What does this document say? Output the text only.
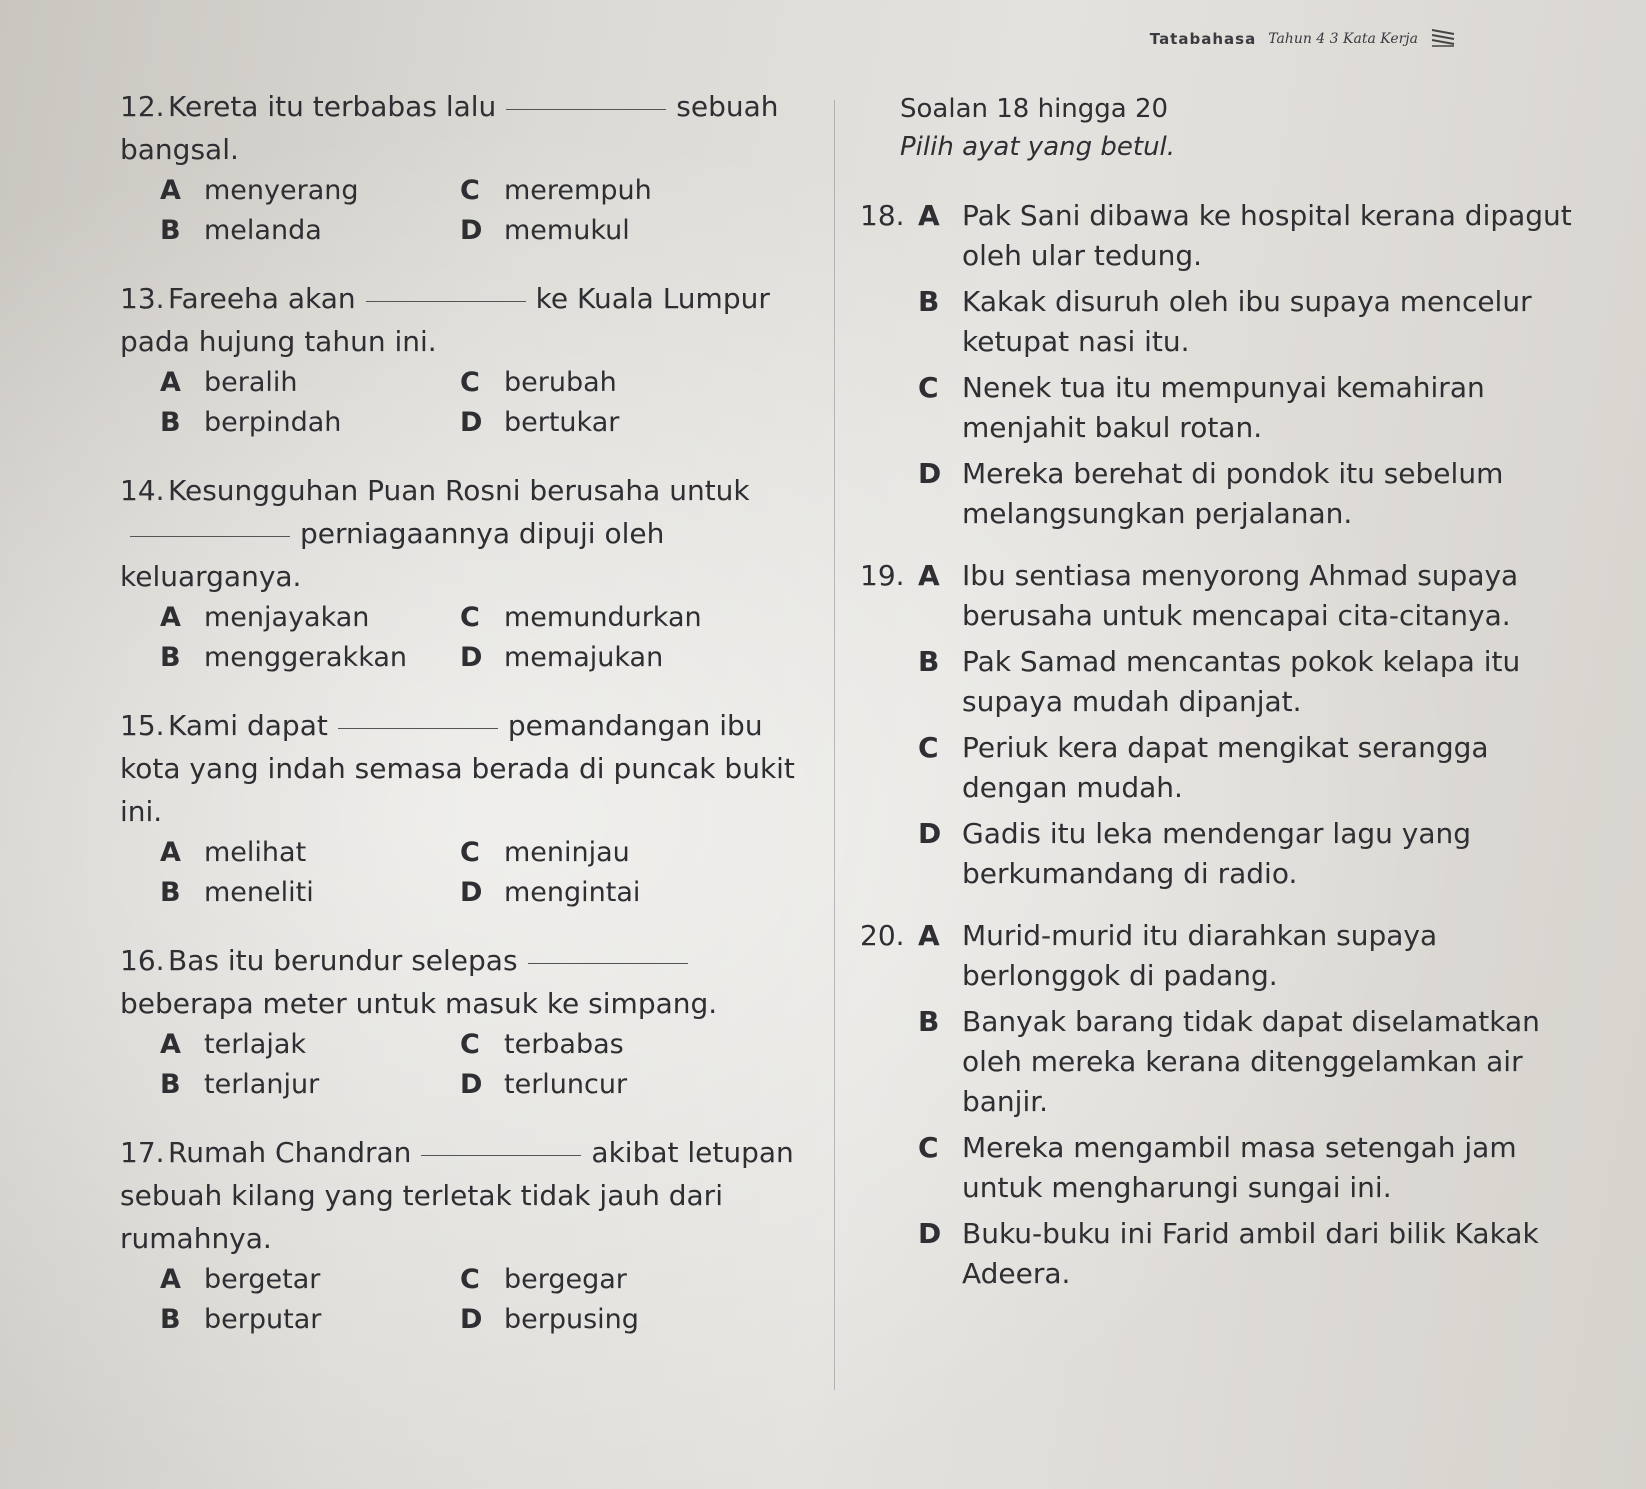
Tatabahasa Tahun 4 3 Kata Kerja
12. Kereta itu terbabas lalu	sebuah bangsal.
A menyerang	C merempuh
B melanda	D memukul
13. Fareeha akan	ke Kuala Lumpur pada hujung tahun ini.
A beralih	C berubah
B berpindah	D bertukar
14. Kesungguhan Puan Rosni berusaha untukperniagaannya dipuji oleh keluarganya.
A menjayakan	C memundurkan
B menggerakkan	D memajukan
15. Kami dapat	pemandangan ibu kota yang indah semasa berada di puncak bukit ini.
A melihat	C meninjau
B meneliti	D mengintai
16. Bas itu berundur selepasbeberapa meter untuk masuk ke simpang.
A terlajak	C terbabas
B terlanjur	D terluncur
17. Rumah Chandran	akibat letupan sebuah kilang yang terletak tidak jauh dari rumahnya.
A bergetar	C bergegar
B berputar	D berpusing
Soalan 18 hingga 20
Pilih ayat yang betul.
18. A Pak Sani dibawa ke hospital kerana dipagut oleh ular tedung.
B Kakak disuruh oleh ibu supaya mencelur ketupat nasi itu.
C Nenek tua itu mempunyai kemahiran menjahit bakul rotan.
D Mereka berehat di pondok itu sebelum melangsungkan perjalanan.
19. A Ibu sentiasa menyorong Ahmad supaya berusaha untuk mencapai cita-citanya.
B Pak Samad mencantas pokok kelapa itu supaya mudah dipanjat.
C Periuk kera dapat mengikat serangga dengan mudah.
D Gadis itu leka mendengar lagu yang berkumandang di radio.
20. A Murid-murid itu diarahkan supaya berlonggok di padang.
B Banyak barang tidak dapat diselamatkan oleh mereka kerana ditenggelamkan air banjir.
C Mereka mengambil masa setengah jam untuk mengharungi sungai ini.
D Buku-buku ini Farid ambil dari bilik Kakak Adeera.
